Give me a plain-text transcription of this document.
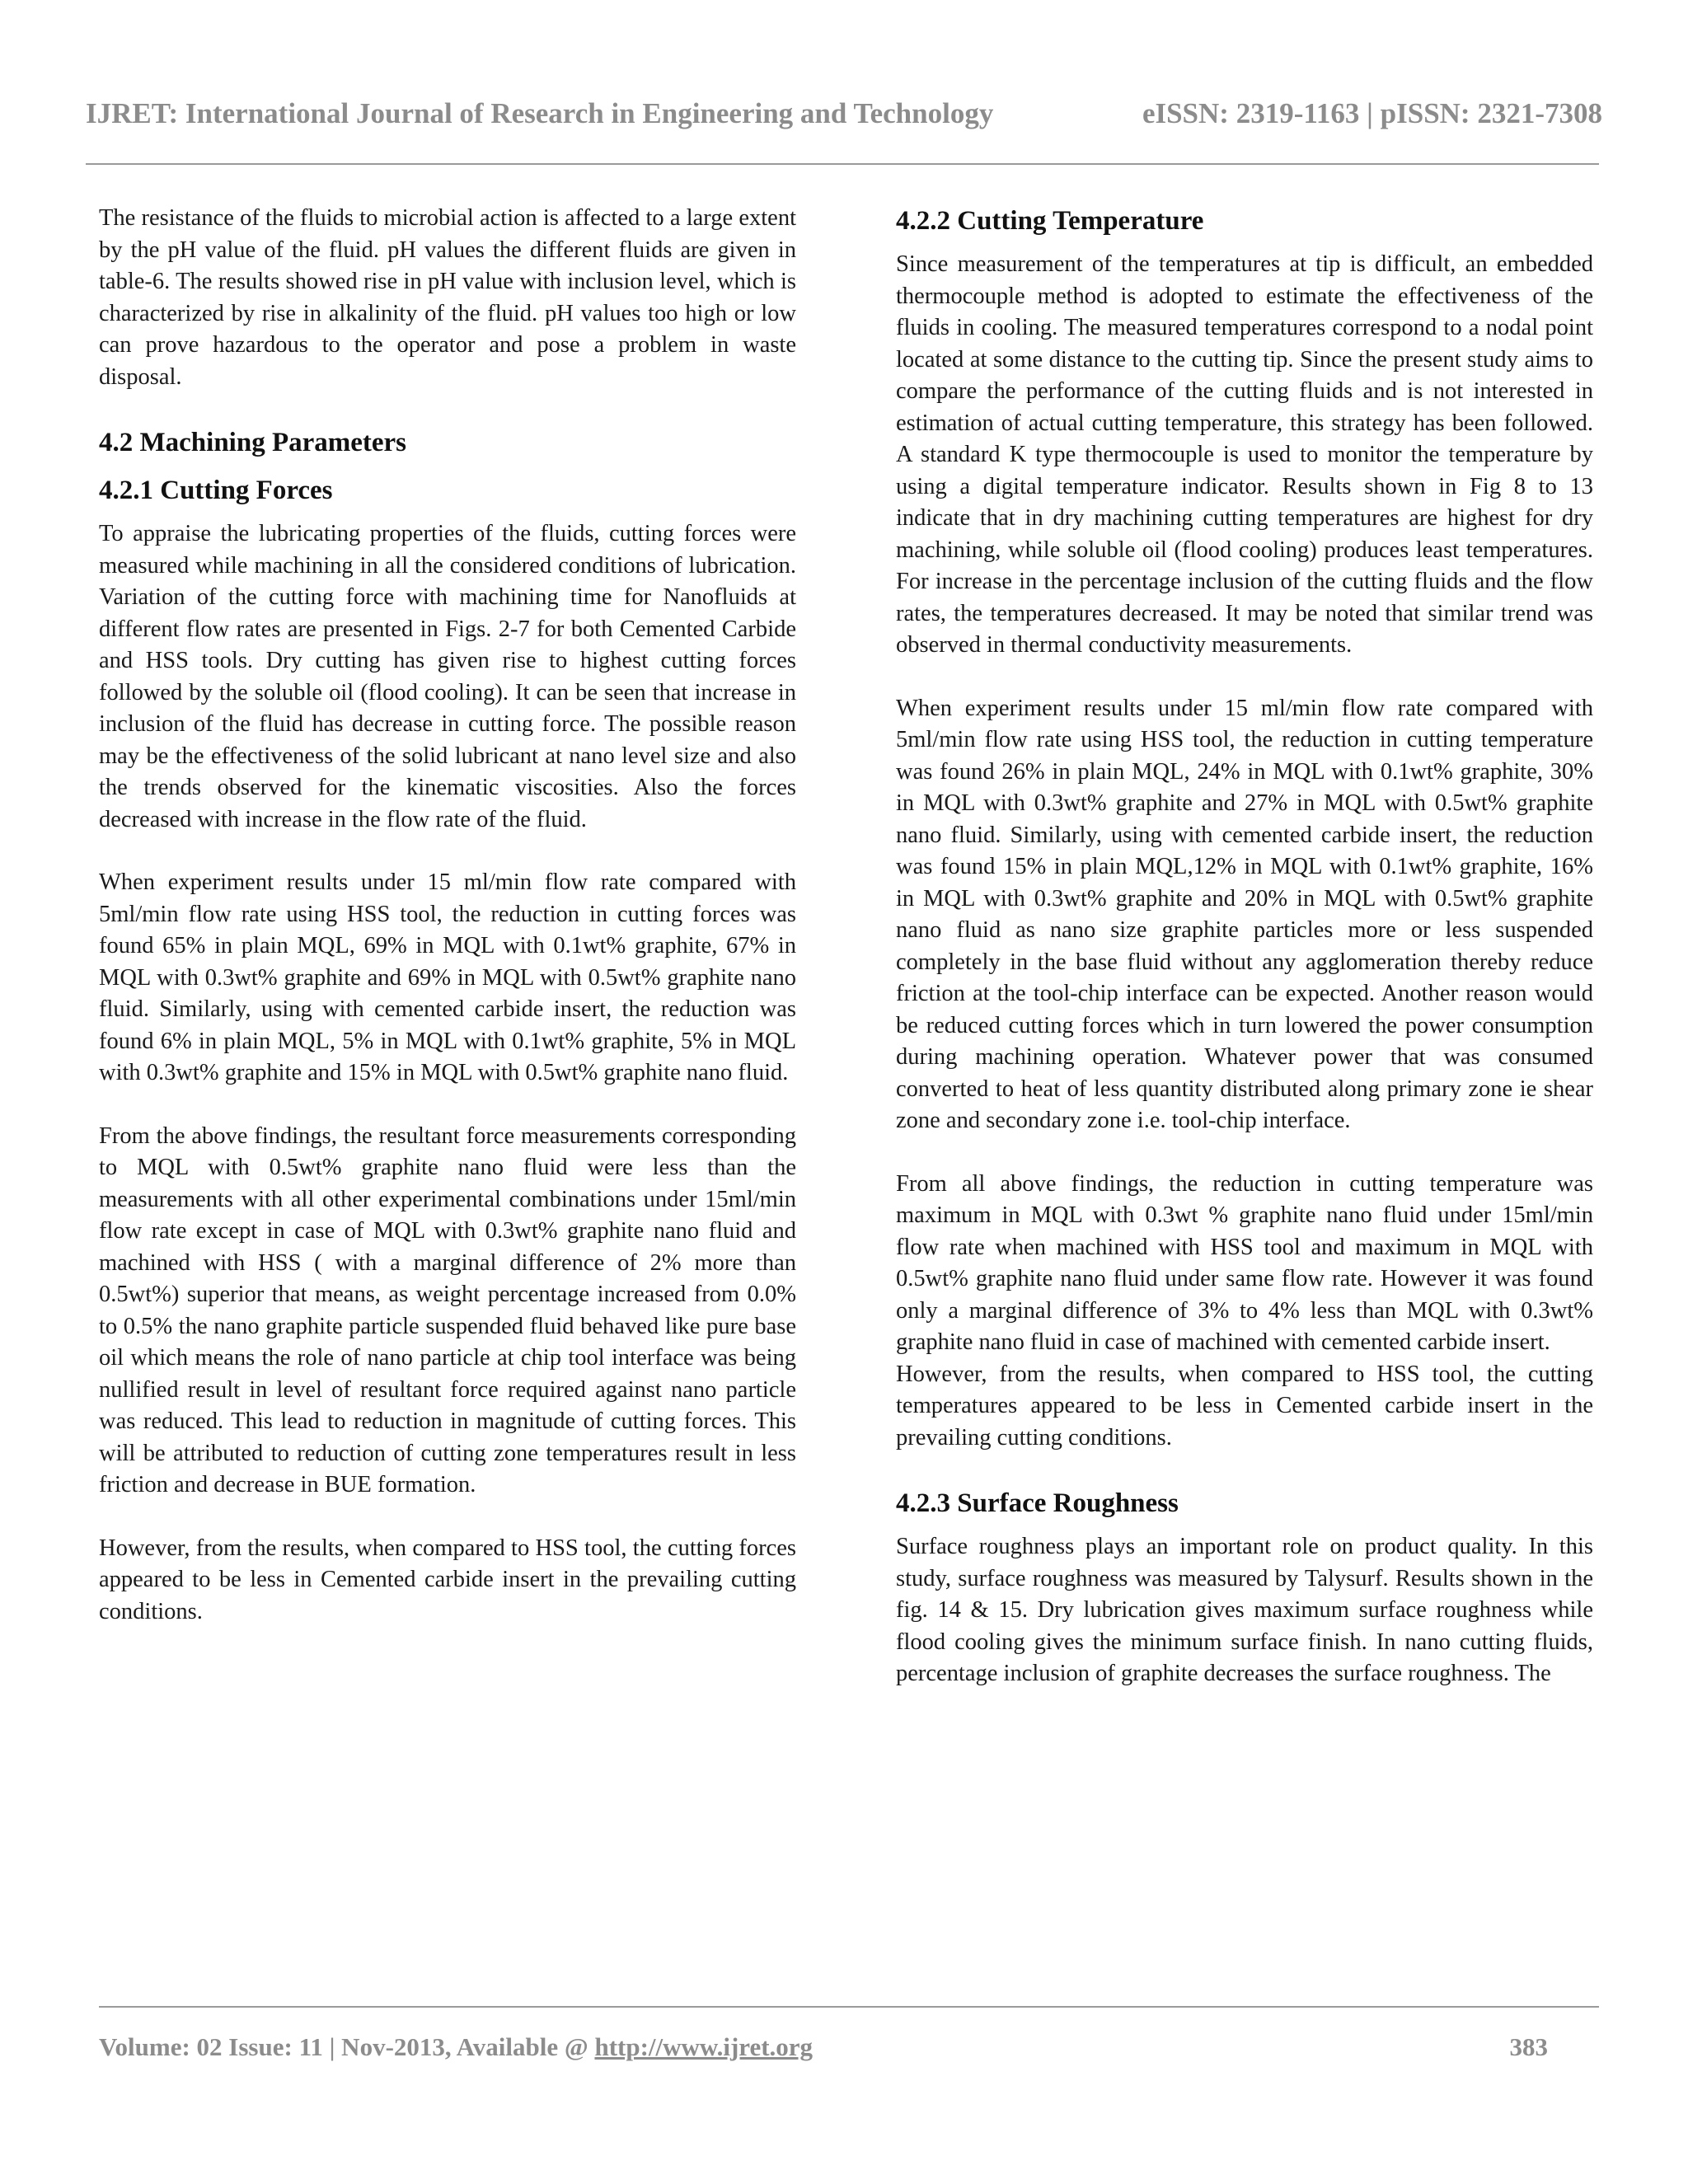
IJRET: International Journal of Research in Engineering and Technology	eISSN: 2319-1163 | pISSN: 2321-7308

The resistance of the fluids to microbial action is affected to a large extent by the pH value of the fluid. pH values the different fluids are given in table-6. The results showed rise in pH value with inclusion level, which is characterized by rise in alkalinity of the fluid. pH values too high or low can prove hazardous to the operator and pose a problem in waste disposal.

4.2 Machining Parameters
4.2.1 Cutting Forces

To appraise the lubricating properties of the fluids, cutting forces were measured while machining in all the considered conditions of lubrication. Variation of the cutting force with machining time for Nanofluids at different flow rates are presented in Figs. 2-7 for both Cemented Carbide and HSS tools. Dry cutting has given rise to highest cutting forces followed by the soluble oil (flood cooling). It can be seen that increase in inclusion of the fluid has decrease in cutting force. The possible reason may be the effectiveness of the solid lubricant at nano level size and also the trends observed for the kinematic viscosities. Also the forces decreased with increase in the flow rate of the fluid.

When experiment results under 15 ml/min flow rate compared with 5ml/min flow rate using HSS tool, the reduction in cutting forces was found 65% in plain MQL, 69% in MQL with 0.1wt% graphite, 67% in MQL with 0.3wt% graphite and 69% in MQL with 0.5wt% graphite nano fluid. Similarly, using with cemented carbide insert, the reduction was found 6% in plain MQL, 5% in MQL with 0.1wt% graphite, 5% in MQL with 0.3wt% graphite and 15% in MQL with 0.5wt% graphite nano fluid.

From the above findings, the resultant force measurements corresponding to MQL with 0.5wt% graphite nano fluid were less than the measurements with all other experimental combinations under 15ml/min flow rate except in case of MQL with 0.3wt% graphite nano fluid and machined with HSS ( with a marginal difference of 2% more than 0.5wt%) superior that means, as weight percentage increased from 0.0% to 0.5% the nano graphite particle suspended fluid behaved like pure base oil which means the role of nano particle at chip tool interface was being nullified result in level of resultant force required against nano particle was reduced. This lead to reduction in magnitude of cutting forces. This will be attributed to reduction of cutting zone temperatures result in less friction and decrease in BUE formation.

However, from the results, when compared to HSS tool, the cutting forces appeared to be less in Cemented carbide insert in the prevailing cutting conditions.

4.2.2 Cutting Temperature

Since measurement of the temperatures at tip is difficult, an embedded thermocouple method is adopted to estimate the effectiveness of the fluids in cooling. The measured temperatures correspond to a nodal point located at some distance to the cutting tip. Since the present study aims to compare the performance of the cutting fluids and is not interested in estimation of actual cutting temperature, this strategy has been followed. A standard K type thermocouple is used to monitor the temperature by using a digital temperature indicator. Results shown in Fig 8 to 13 indicate that in dry machining cutting temperatures are highest for dry machining, while soluble oil (flood cooling) produces least temperatures. For increase in the percentage inclusion of the cutting fluids and the flow rates, the temperatures decreased. It may be noted that similar trend was observed in thermal conductivity measurements.

When experiment results under 15 ml/min flow rate compared with 5ml/min flow rate using HSS tool, the reduction in cutting temperature was found 26% in plain MQL, 24% in MQL with 0.1wt% graphite, 30% in MQL with 0.3wt% graphite and 27% in MQL with 0.5wt% graphite nano fluid. Similarly, using with cemented carbide insert, the reduction was found 15% in plain MQL,12% in MQL with 0.1wt% graphite, 16% in MQL with 0.3wt% graphite and 20% in MQL with 0.5wt% graphite nano fluid as nano size graphite particles more or less suspended completely in the base fluid without any agglomeration thereby reduce friction at the tool-chip interface can be expected. Another reason would be reduced cutting forces which in turn lowered the power consumption during machining operation. Whatever power that was consumed converted to heat of less quantity distributed along primary zone ie shear zone and secondary zone i.e. tool-chip interface.

From all above findings, the reduction in cutting temperature was maximum in MQL with 0.3wt % graphite nano fluid under 15ml/min flow rate when machined with HSS tool and maximum in MQL with 0.5wt% graphite nano fluid under same flow rate. However it was found only a marginal difference of 3% to 4% less than MQL with 0.3wt% graphite nano fluid in case of machined with cemented carbide insert.

However, from the results, when compared to HSS tool, the cutting temperatures appeared to be less in Cemented carbide insert in the prevailing cutting conditions.

4.2.3 Surface Roughness

Surface roughness plays an important role on product quality. In this study, surface roughness was measured by Talysurf. Results shown in the fig. 14 & 15. Dry lubrication gives maximum surface roughness while flood cooling gives the minimum surface finish. In nano cutting fluids, percentage inclusion of graphite decreases the surface roughness. The

Volume: 02 Issue: 11 | Nov-2013, Available @ http://www.ijret.org	383
